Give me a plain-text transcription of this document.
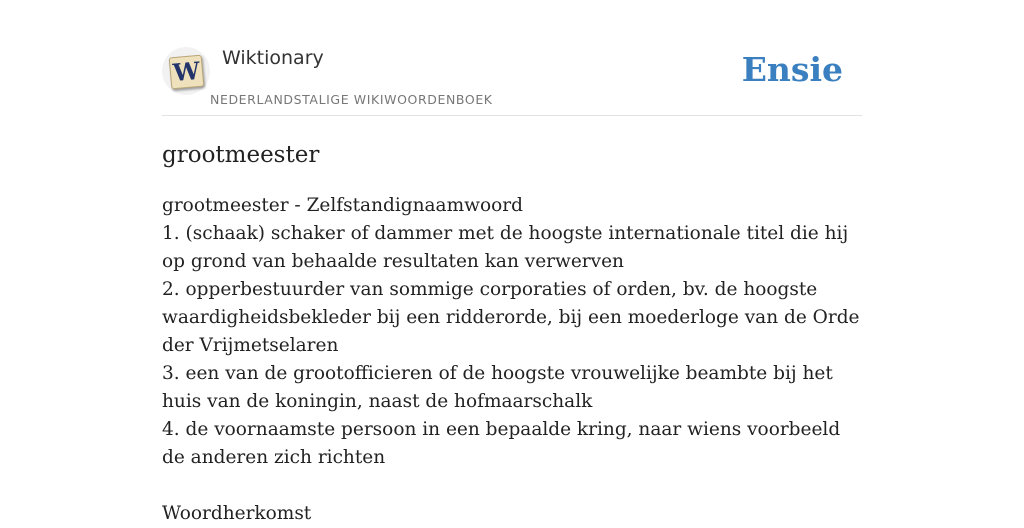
W Wiktionary
NEDERLANDSTALIGE WIKIWOORDENBOEK
Ensie
grootmeester
grootmeester - Zelfstandignaamwoord
1. (schaak) schaker of dammer met de hoogste internationale titel die hij op grond van behaalde resultaten kan verwerven
2. opperbestuurder van sommige corporaties of orden, bv. de hoogste waardigheidsbekleder bij een ridderorde, bij een moederloge van de Orde der Vrijmetselaren
3. een van de grootofficieren of de hoogste vrouwelijke beambte bij het huis van de koningin, naast de hofmaarschalk
4. de voornaamste persoon in een bepaalde kring, naar wiens voorbeeld de anderen zich richten
Woordherkomst
